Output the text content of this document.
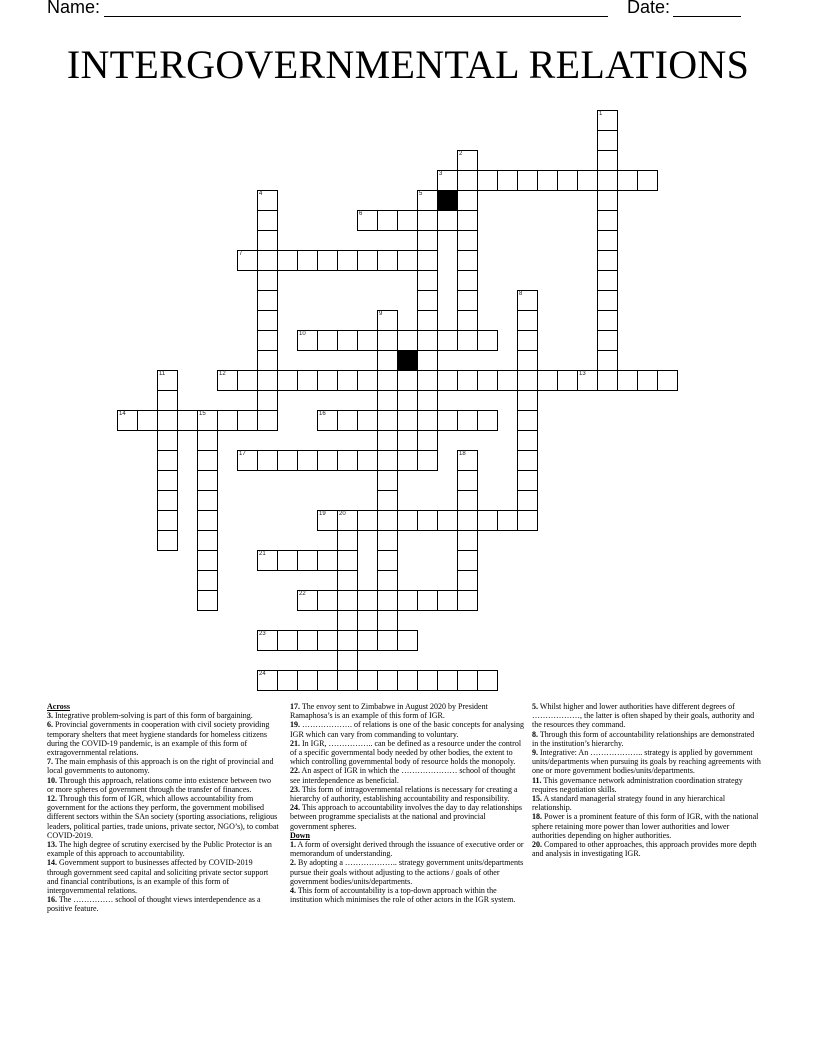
Name:	Date:
INTERGOVERNMENTAL RELATIONS
1
2
3
4	5
6
7
8
9
10
11	12	13
14	15	16
17	18
19 20
21
22
23
24

Across

3. Integrative problem-solving is part of this form of bargaining.

6. Provincial governments in cooperation with civil society providing temporary shelters that meet hygiene standards for homeless citizens during the COVID-19 pandemic, is an example of this form of extragovernmental relations.

7. The main emphasis of this approach is on the right of provincial and local governments to autonomy.

10. Through this approach, relations come into existence between two or more spheres of government through the transfer of finances.

12. Through this form of IGR, which allows accountability from government for the actions they perform, the government mobilised different sectors within the SAn society (sporting associations, religious leaders, political parties, trade unions, private sector, NGO’s), to combat COVID-2019.

13. The high degree of scrutiny exercised by the Public Protector is an example of this approach to accountability.

14. Government support to businesses affected by COVID-2019 through government seed capital and soliciting private sector support and financial contributions, is an example of this form of intergovernmental relations.

16. The …………… school of thought views interdependence as a positive feature.

17. The envoy sent to Zimbabwe in August 2020 by President Ramaphosa’s is an example of this form of IGR.

19. ………………. of relations is one of the basic concepts for analysing IGR which can vary from commanding to voluntary.

21. In IGR, …………….. can be defined as a resource under the control of a specific governmental body needed by other bodies, the extent to which controlling governmental body of resource holds the monopoly.

22. An aspect of IGR in which the ………………… school of thought see interdependence as beneficial.

23. This form of intragovernmental relations is necessary for creating a hierarchy of authority, establishing accountability and responsibility.

24. This approach to accountability involves the day to day relationships between programme specialists at the national and provincial government spheres.

Down

1. A form of oversight derived through the issuance of executive order or memorandum of understanding.

2. By adopting a ……………….. strategy government units/departments pursue their goals without adjusting to the actions / goals of other government bodies/units/departments.

4. This form of accountability is a top-down approach within the institution which minimises the role of other actors in the IGR system.

5. Whilst higher and lower authorities have different degrees of ………………, the latter is often shaped by their goals, authority and the resources they command.

8. Through this form of accountability relationships are demonstrated in the institution’s hierarchy.

9. Integrative: An ……………….. strategy is applied by government units/departments when pursuing its goals by reaching agreements with one or more government bodies/units/departments.

11. This governance network administration coordination strategy requires negotiation skills.

15. A standard managerial strategy found in any hierarchical relationship.

18. Power is a prominent feature of this form of IGR, with the national sphere retaining more power than lower authorities and lower authorities depending on higher authorities.

20. Compared to other approaches, this approach provides more depth and analysis in investigating IGR.
